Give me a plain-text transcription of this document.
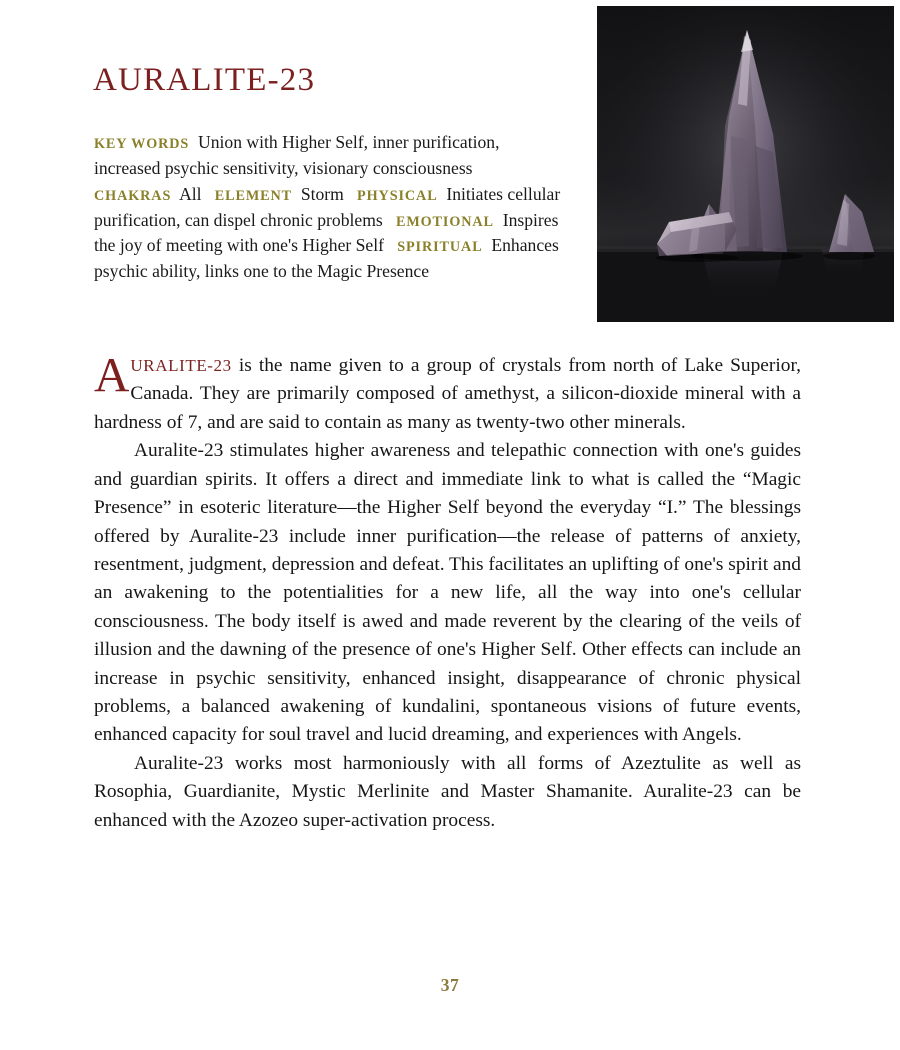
AURALITE-23
KEY WORDS Union with Higher Self, inner purification, increased psychic sensitivity, visionary consciousness   CHAKRAS All ELEMENT Storm PHYSICAL Initiates cellular purification, can dispel chronic problems EMOTIONAL Inspires the joy of meeting with one's Higher Self SPIRITUAL Enhances psychic ability, links one to the Magic Presence

AURALITE-23 is the name given to a group of crystals from north of Lake Superior, Canada. They are primarily composed of amethyst, a silicon-dioxide mineral with a hardness of 7, and are said to contain as many as twenty-two other minerals.

Auralite-23 stimulates higher awareness and telepathic connection with one's guides and guardian spirits. It offers a direct and immediate link to what is called the “Magic Presence” in esoteric literature—the Higher Self beyond the everyday “I.” The blessings offered by Auralite-23 include inner purification—the release of patterns of anxiety, resentment, judgment, depression and defeat. This facilitates an uplifting of one's spirit and an awakening to the potentialities for a new life, all the way into one's cellular consciousness. The body itself is awed and made reverent by the clearing of the veils of illusion and the dawning of the presence of one's Higher Self. Other effects can include an increase in psychic sensitivity, enhanced insight, disappearance of chronic physical problems, a balanced awakening of kundalini, spontaneous visions of future events, enhanced capacity for soul travel and lucid dreaming, and experiences with Angels.

Auralite-23 works most harmoniously with all forms of Azeztulite as well as Rosophia, Guardianite, Mystic Merlinite and Master Shamanite. Auralite-23 can be enhanced with the Azozeo super-activation process.

37
